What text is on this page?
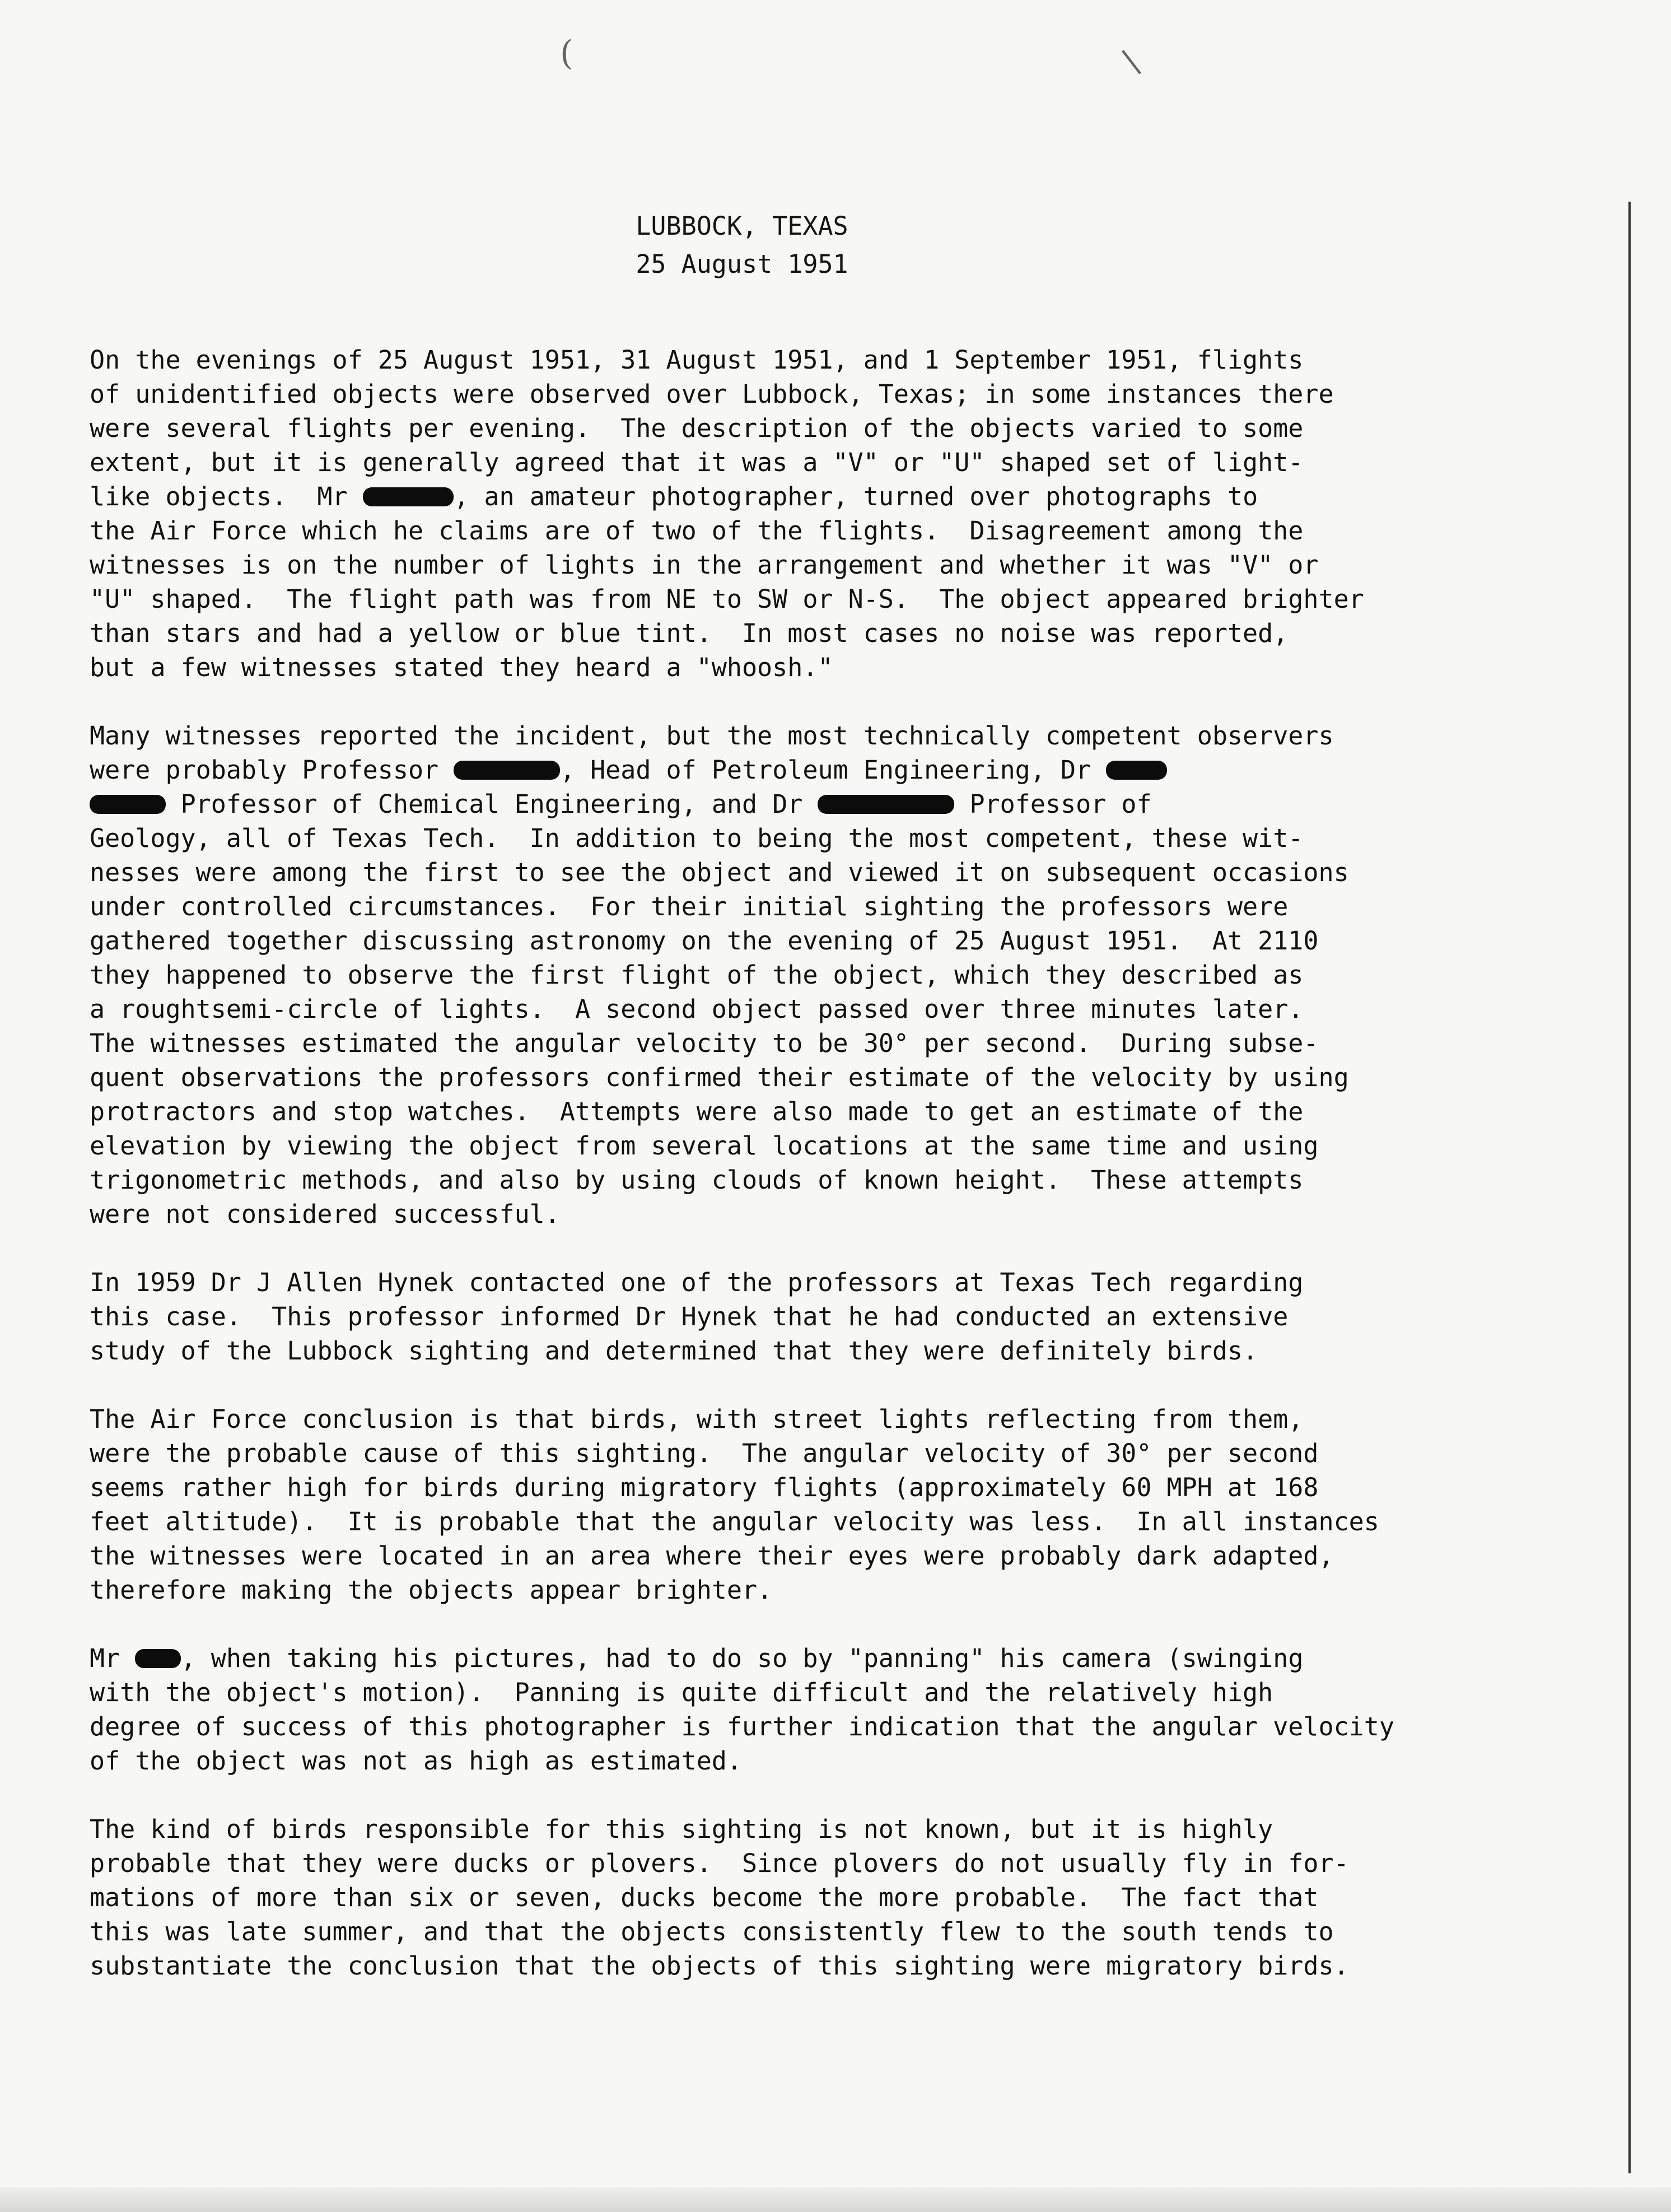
(	\
LUBBOCK, TEXAS
25 August 1951
On the evenings of 25 August 1951, 31 August 1951, and 1 September 1951, flights
of unidentified objects were observed over Lubbock, Texas; in some instances there
were several flights per evening.  The description of the objects varied to some
extent, but it is generally agreed that it was a "V" or "U" shaped set of light-
like objects.  Mr	, an amateur photographer, turned over photographs to
the Air Force which he claims are of two of the flights.  Disagreement among the
witnesses is on the number of lights in the arrangement and whether it was "V" or
"U" shaped.  The flight path was from NE to SW or N-S.  The object appeared brighter
than stars and had a yellow or blue tint.  In most cases no noise was reported,
but a few witnesses stated they heard a "whoosh."
Many witnesses reported the incident, but the most technically competent observers
were probably Professor	, Head of Petroleum Engineering, Dr
Professor of Chemical Engineering, and Dr	Professor of
Geology, all of Texas Tech.  In addition to being the most competent, these wit-
nesses were among the first to see the object and viewed it on subsequent occasions
under controlled circumstances.  For their initial sighting the professors were
gathered together discussing astronomy on the evening of 25 August 1951.  At 2110
they happened to observe the first flight of the object, which they described as
a roughtsemi-circle of lights.  A second object passed over three minutes later.
The witnesses estimated the angular velocity to be 30° per second.  During subse-
quent observations the professors confirmed their estimate of the velocity by using
protractors and stop watches.  Attempts were also made to get an estimate of the
elevation by viewing the object from several locations at the same time and using
trigonometric methods, and also by using clouds of known height.  These attempts
were not considered successful.
In 1959 Dr J Allen Hynek contacted one of the professors at Texas Tech regarding
this case.  This professor informed Dr Hynek that he had conducted an extensive
study of the Lubbock sighting and determined that they were definitely birds.
The Air Force conclusion is that birds, with street lights reflecting from them,
were the probable cause of this sighting.  The angular velocity of 30° per second
seems rather high for birds during migratory flights (approximately 60 MPH at 168
feet altitude).  It is probable that the angular velocity was less.  In all instances
the witnesses were located in an area where their eyes were probably dark adapted,
therefore making the objects appear brighter.
Mr , when taking his pictures, had to do so by "panning" his camera (swinging
with the object's motion).  Panning is quite difficult and the relatively high
degree of success of this photographer is further indication that the angular velocity
of the object was not as high as estimated.
The kind of birds responsible for this sighting is not known, but it is highly
probable that they were ducks or plovers.  Since plovers do not usually fly in for-
mations of more than six or seven, ducks become the more probable.  The fact that
this was late summer, and that the objects consistently flew to the south tends to
substantiate the conclusion that the objects of this sighting were migratory birds.
